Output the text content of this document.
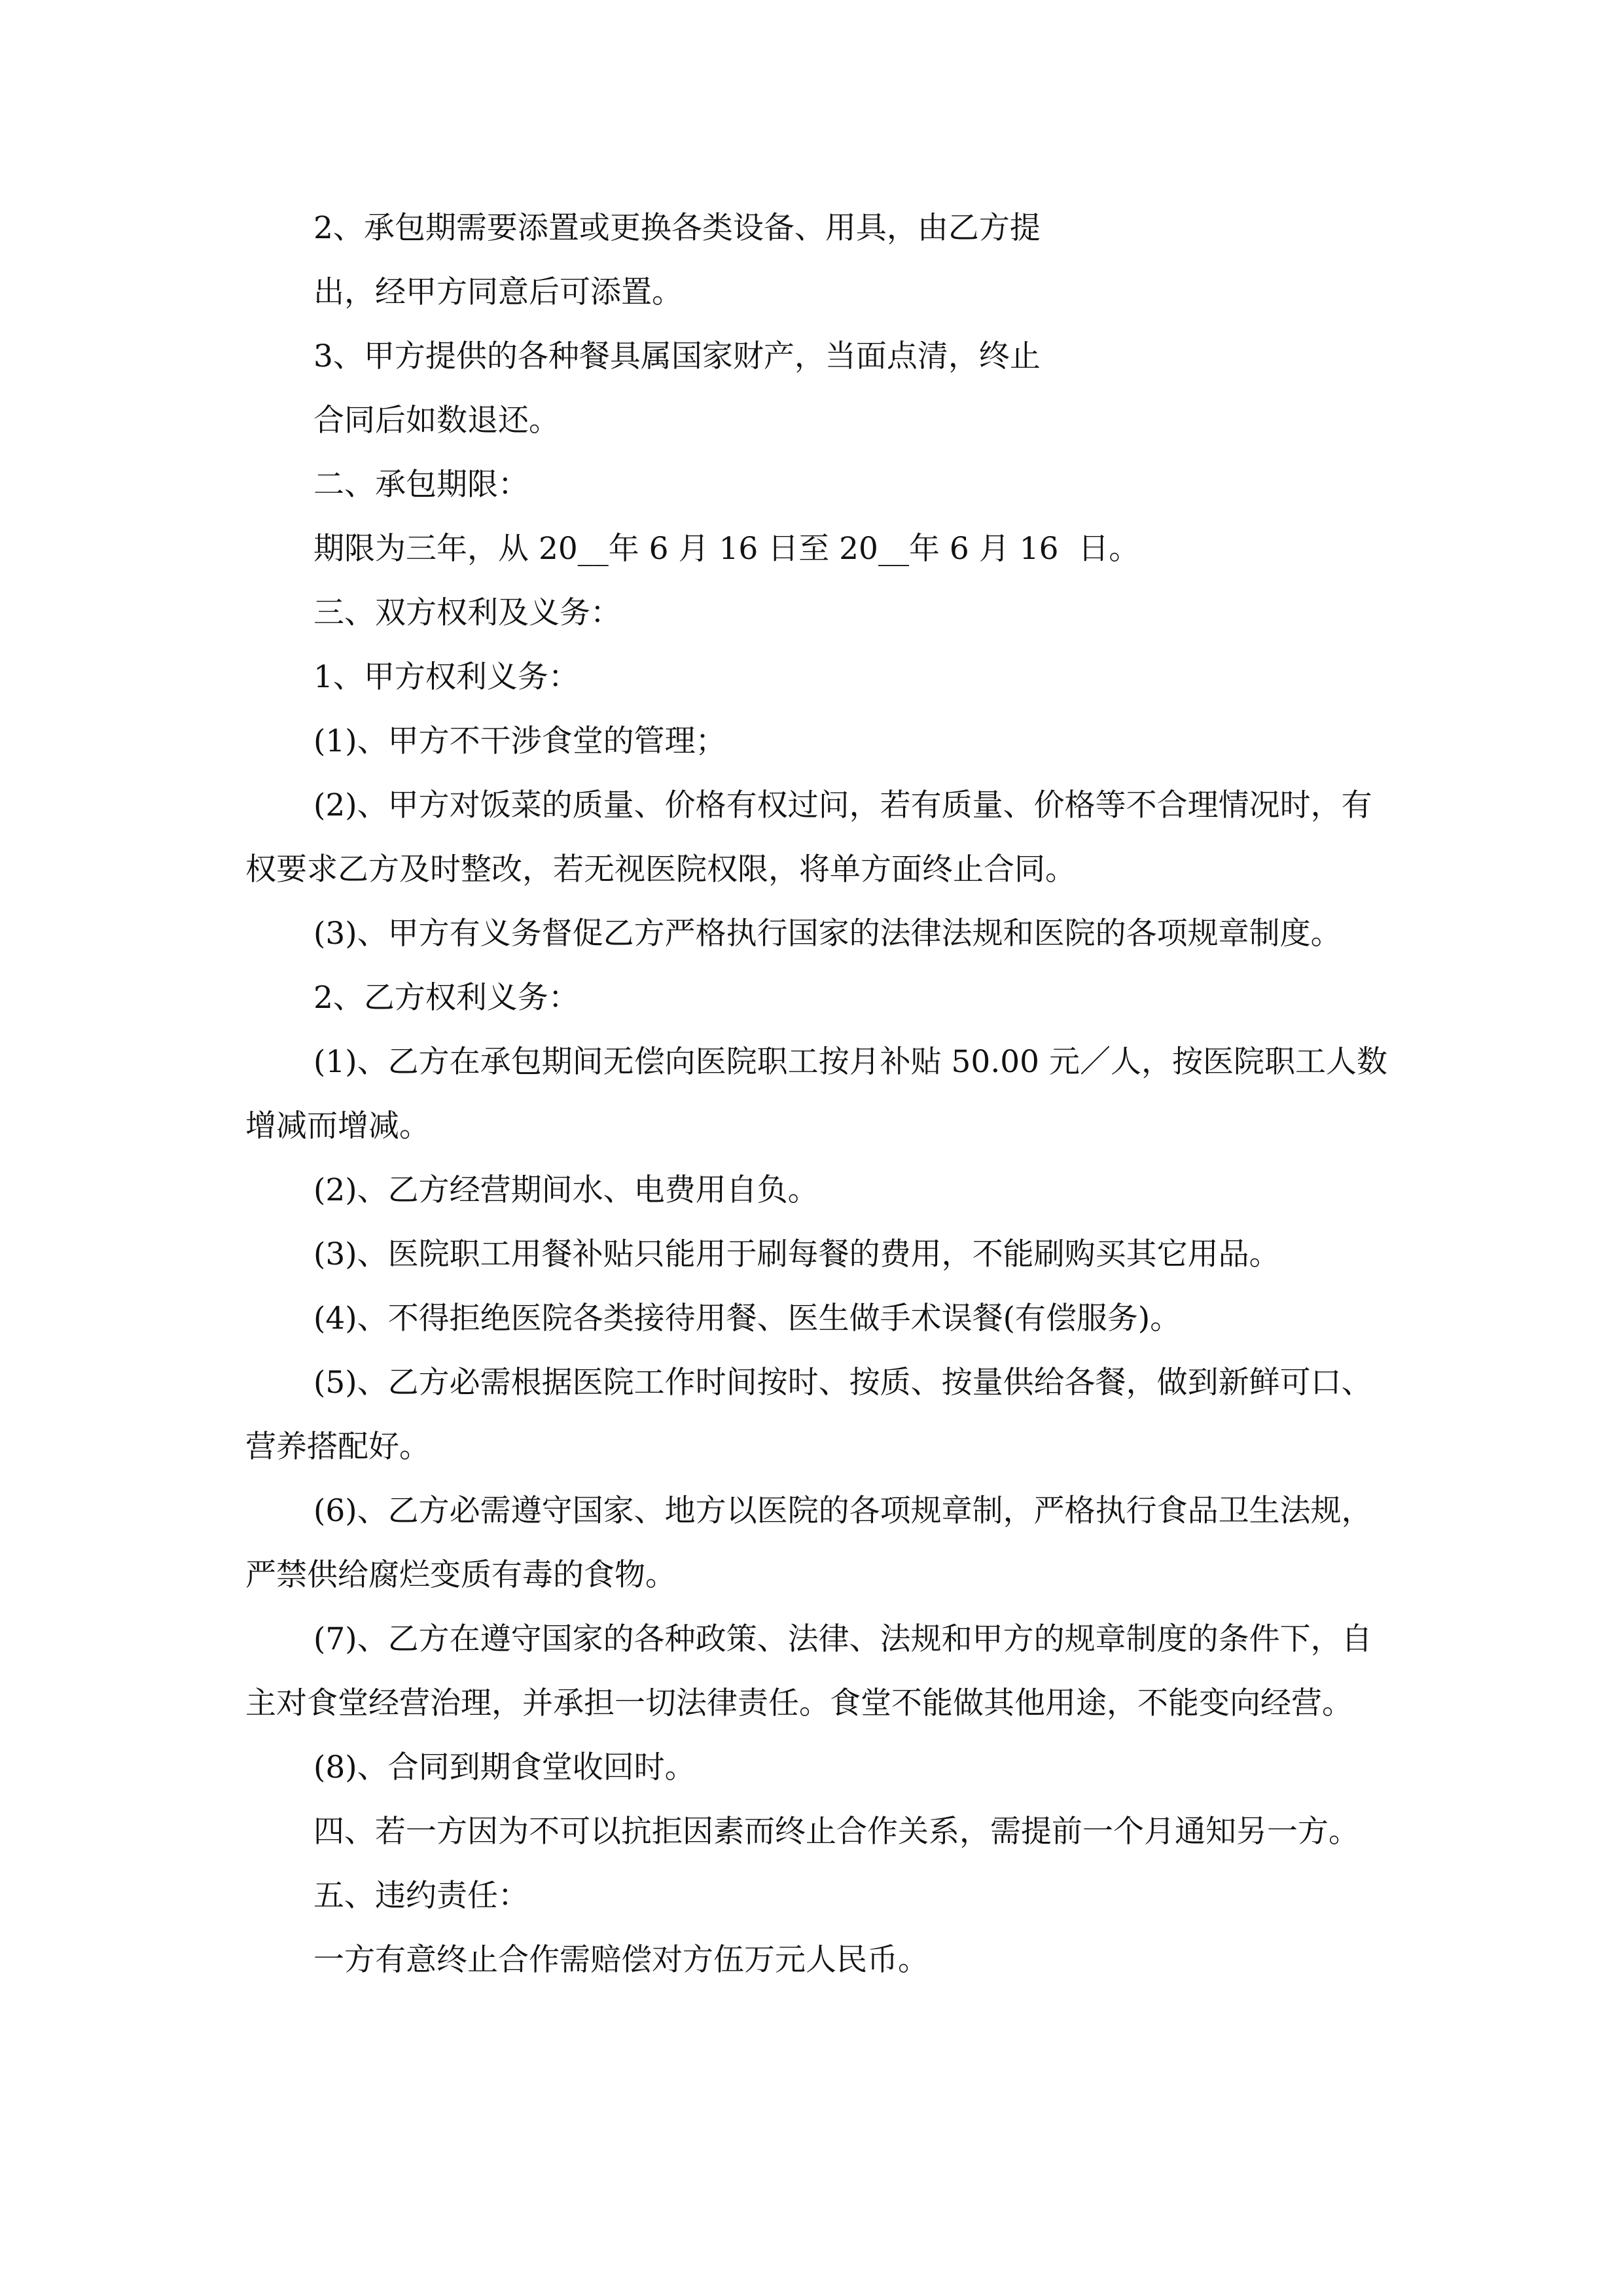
2、承包期需要添置或更换各类设备、用具，由乙方提

出，经甲方同意后可添置。

3、甲方提供的各种餐具属国家财产，当面点清，终止

合同后如数退还。

二、承包期限：

期限为三年，从 20__年 6 月 16 日至 20__年 6 月 16  日。

三、双方权利及义务：

1、甲方权利义务：

(1)、甲方不干涉食堂的管理；

(2)、甲方对饭菜的质量、价格有权过问，若有质量、价格等不合理情况时，有权要求乙方及时整改，若无视医院权限，将单方面终止合同。

(3)、甲方有义务督促乙方严格执行国家的法律法规和医院的各项规章制度。

2、乙方权利义务：

(1)、乙方在承包期间无偿向医院职工按月补贴 50.00 元／人，按医院职工人数增减而增减。

(2)、乙方经营期间水、电费用自负。

(3)、医院职工用餐补贴只能用于刷每餐的费用，不能刷购买其它用品。

(4)、不得拒绝医院各类接待用餐、医生做手术误餐(有偿服务)。

(5)、乙方必需根据医院工作时间按时、按质、按量供给各餐，做到新鲜可口、营养搭配好。

(6)、乙方必需遵守国家、地方以医院的各项规章制，严格执行食品卫生法规，严禁供给腐烂变质有毒的食物。

(7)、乙方在遵守国家的各种政策、法律、法规和甲方的规章制度的条件下，自主对食堂经营治理，并承担一切法律责任。食堂不能做其他用途，不能变向经营。

(8)、合同到期食堂收回时。

四、若一方因为不可以抗拒因素而终止合作关系，需提前一个月通知另一方。

五、违约责任：

一方有意终止合作需赔偿对方伍万元人民币。
